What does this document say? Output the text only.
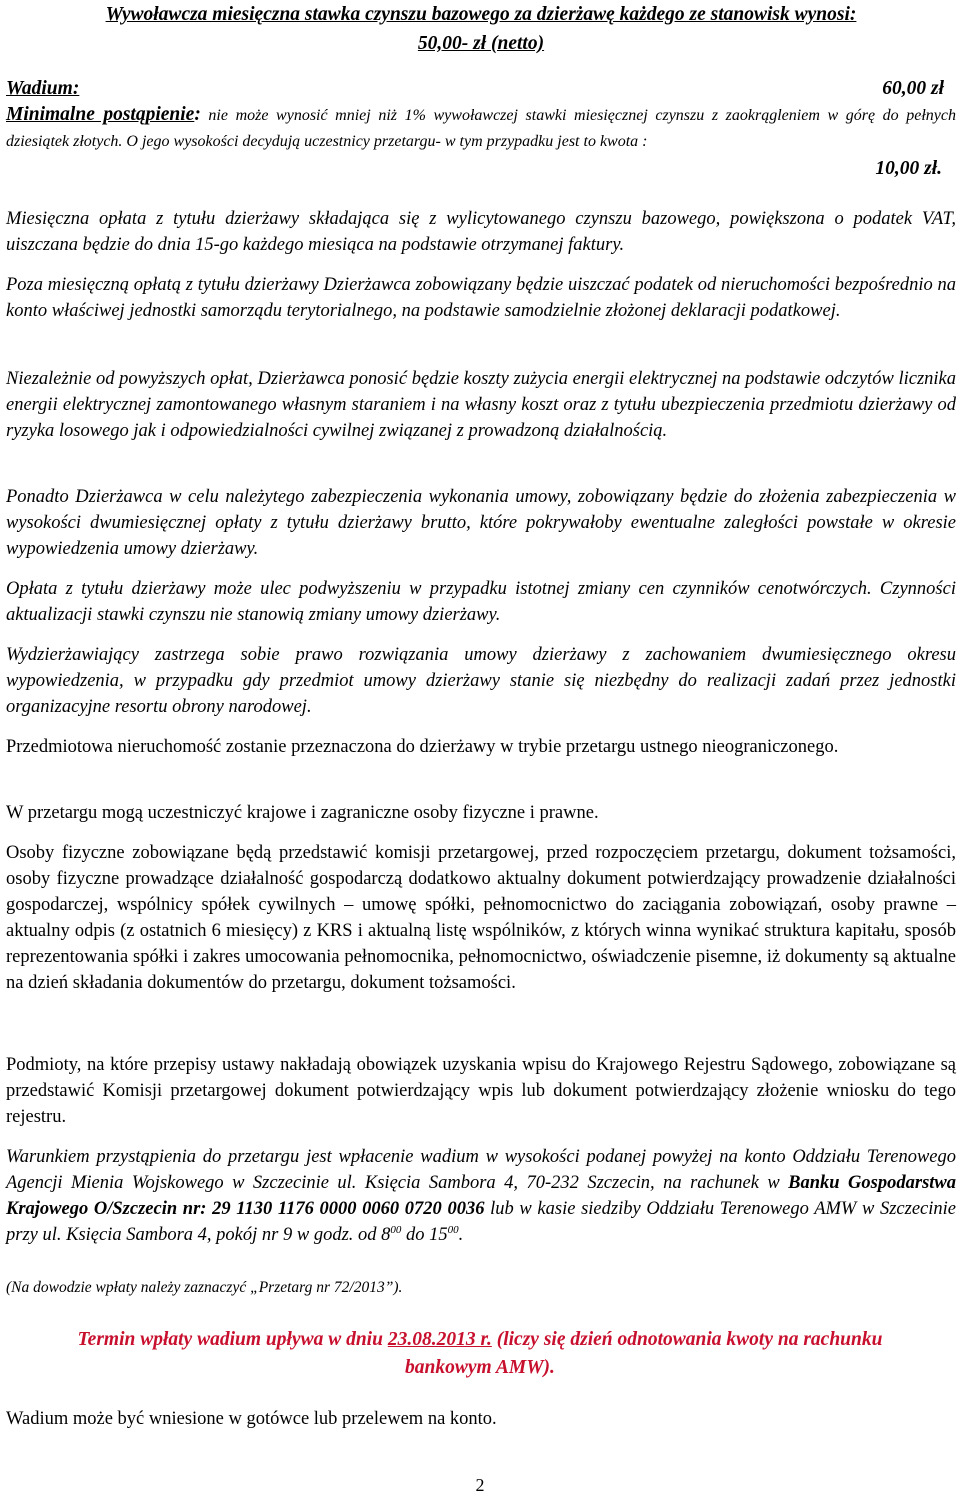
Wywoławcza miesięczna stawka czynszu bazowego za dzierżawę każdego ze stanowisk wynosi:
50,00- zł (netto)
Wadium:	60,00 zł
Minimalne postąpienie: nie może wynosić mniej niż 1% wywoławczej stawki miesięcznej czynszu z zaokrągleniem w górę do pełnych dziesiątek złotych. O jego wysokości decydują uczestnicy przetargu- w tym przypadku jest to kwota :
10,00 zł.

Miesięczna opłata z tytułu dzierżawy składająca się z wylicytowanego czynszu bazowego, powiększona o podatek VAT, uiszczana będzie do dnia 15-go każdego miesiąca na podstawie otrzymanej faktury.

Poza miesięczną opłatą z tytułu dzierżawy Dzierżawca zobowiązany będzie uiszczać podatek od nieruchomości bezpośrednio na konto właściwej jednostki samorządu terytorialnego, na podstawie samodzielnie złożonej deklaracji podatkowej.

Niezależnie od powyższych opłat, Dzierżawca ponosić będzie koszty zużycia energii elektrycznej na podstawie odczytów licznika energii elektrycznej zamontowanego własnym staraniem i na własny koszt oraz z tytułu ubezpieczenia przedmiotu dzierżawy od ryzyka losowego jak i odpowiedzialności cywilnej związanej z prowadzoną działalnością.

Ponadto Dzierżawca w celu należytego zabezpieczenia wykonania umowy, zobowiązany będzie do złożenia zabezpieczenia w wysokości dwumiesięcznej opłaty z tytułu dzierżawy brutto, które pokrywałoby ewentualne zaległości powstałe w okresie wypowiedzenia umowy dzierżawy.

Opłata z tytułu dzierżawy może ulec podwyższeniu w przypadku istotnej zmiany cen czynników cenotwórczych. Czynności aktualizacji stawki czynszu nie stanowią zmiany umowy dzierżawy.

Wydzierżawiający zastrzega sobie prawo rozwiązania umowy dzierżawy z zachowaniem dwumiesięcznego okresu wypowiedzenia, w przypadku gdy przedmiot umowy dzierżawy stanie się niezbędny do realizacji zadań przez jednostki organizacyjne resortu obrony narodowej.

Przedmiotowa nieruchomość zostanie przeznaczona do dzierżawy w trybie przetargu ustnego nieograniczonego.

W przetargu mogą uczestniczyć krajowe i zagraniczne osoby fizyczne i prawne.

Osoby fizyczne zobowiązane będą przedstawić komisji przetargowej, przed rozpoczęciem przetargu, dokument tożsamości, osoby fizyczne prowadzące działalność gospodarczą dodatkowo aktualny dokument potwierdzający prowadzenie działalności gospodarczej, wspólnicy spółek cywilnych – umowę spółki, pełnomocnictwo do zaciągania zobowiązań, osoby prawne – aktualny odpis (z ostatnich 6 miesięcy) z KRS i aktualną listę wspólników, z których winna wynikać struktura kapitału, sposób reprezentowania spółki i zakres umocowania pełnomocnika, pełnomocnictwo, oświadczenie pisemne, iż dokumenty są aktualne na dzień składania dokumentów do przetargu, dokument tożsamości.

Podmioty, na które przepisy ustawy nakładają obowiązek uzyskania wpisu do Krajowego Rejestru Sądowego, zobowiązane są przedstawić Komisji przetargowej dokument potwierdzający wpis lub dokument potwierdzający złożenie wniosku do tego rejestru.

Warunkiem przystąpienia do przetargu jest wpłacenie wadium w wysokości podanej powyżej na konto Oddziału Terenowego Agencji Mienia Wojskowego w Szczecinie ul. Księcia Sambora 4, 70-232 Szczecin, na rachunek w Banku Gospodarstwa Krajowego O/Szczecin nr: 29 1130 1176 0000 0060 0720 0036 lub w kasie siedziby Oddziału Terenowego AMW w Szczecinie przy ul. Księcia Sambora 4, pokój nr 9 w godz. od $8^{00}$ do $15^{00}$.

(Na dowodzie wpłaty należy zaznaczyć „Przetarg nr 72/2013”).
Termin wpłaty wadium upływa w dniu 23.08.2013 r. (liczy się dzień odnotowania kwoty na rachunku bankowym AMW).

Wadium może być wniesione w gotówce lub przelewem na konto.

2
